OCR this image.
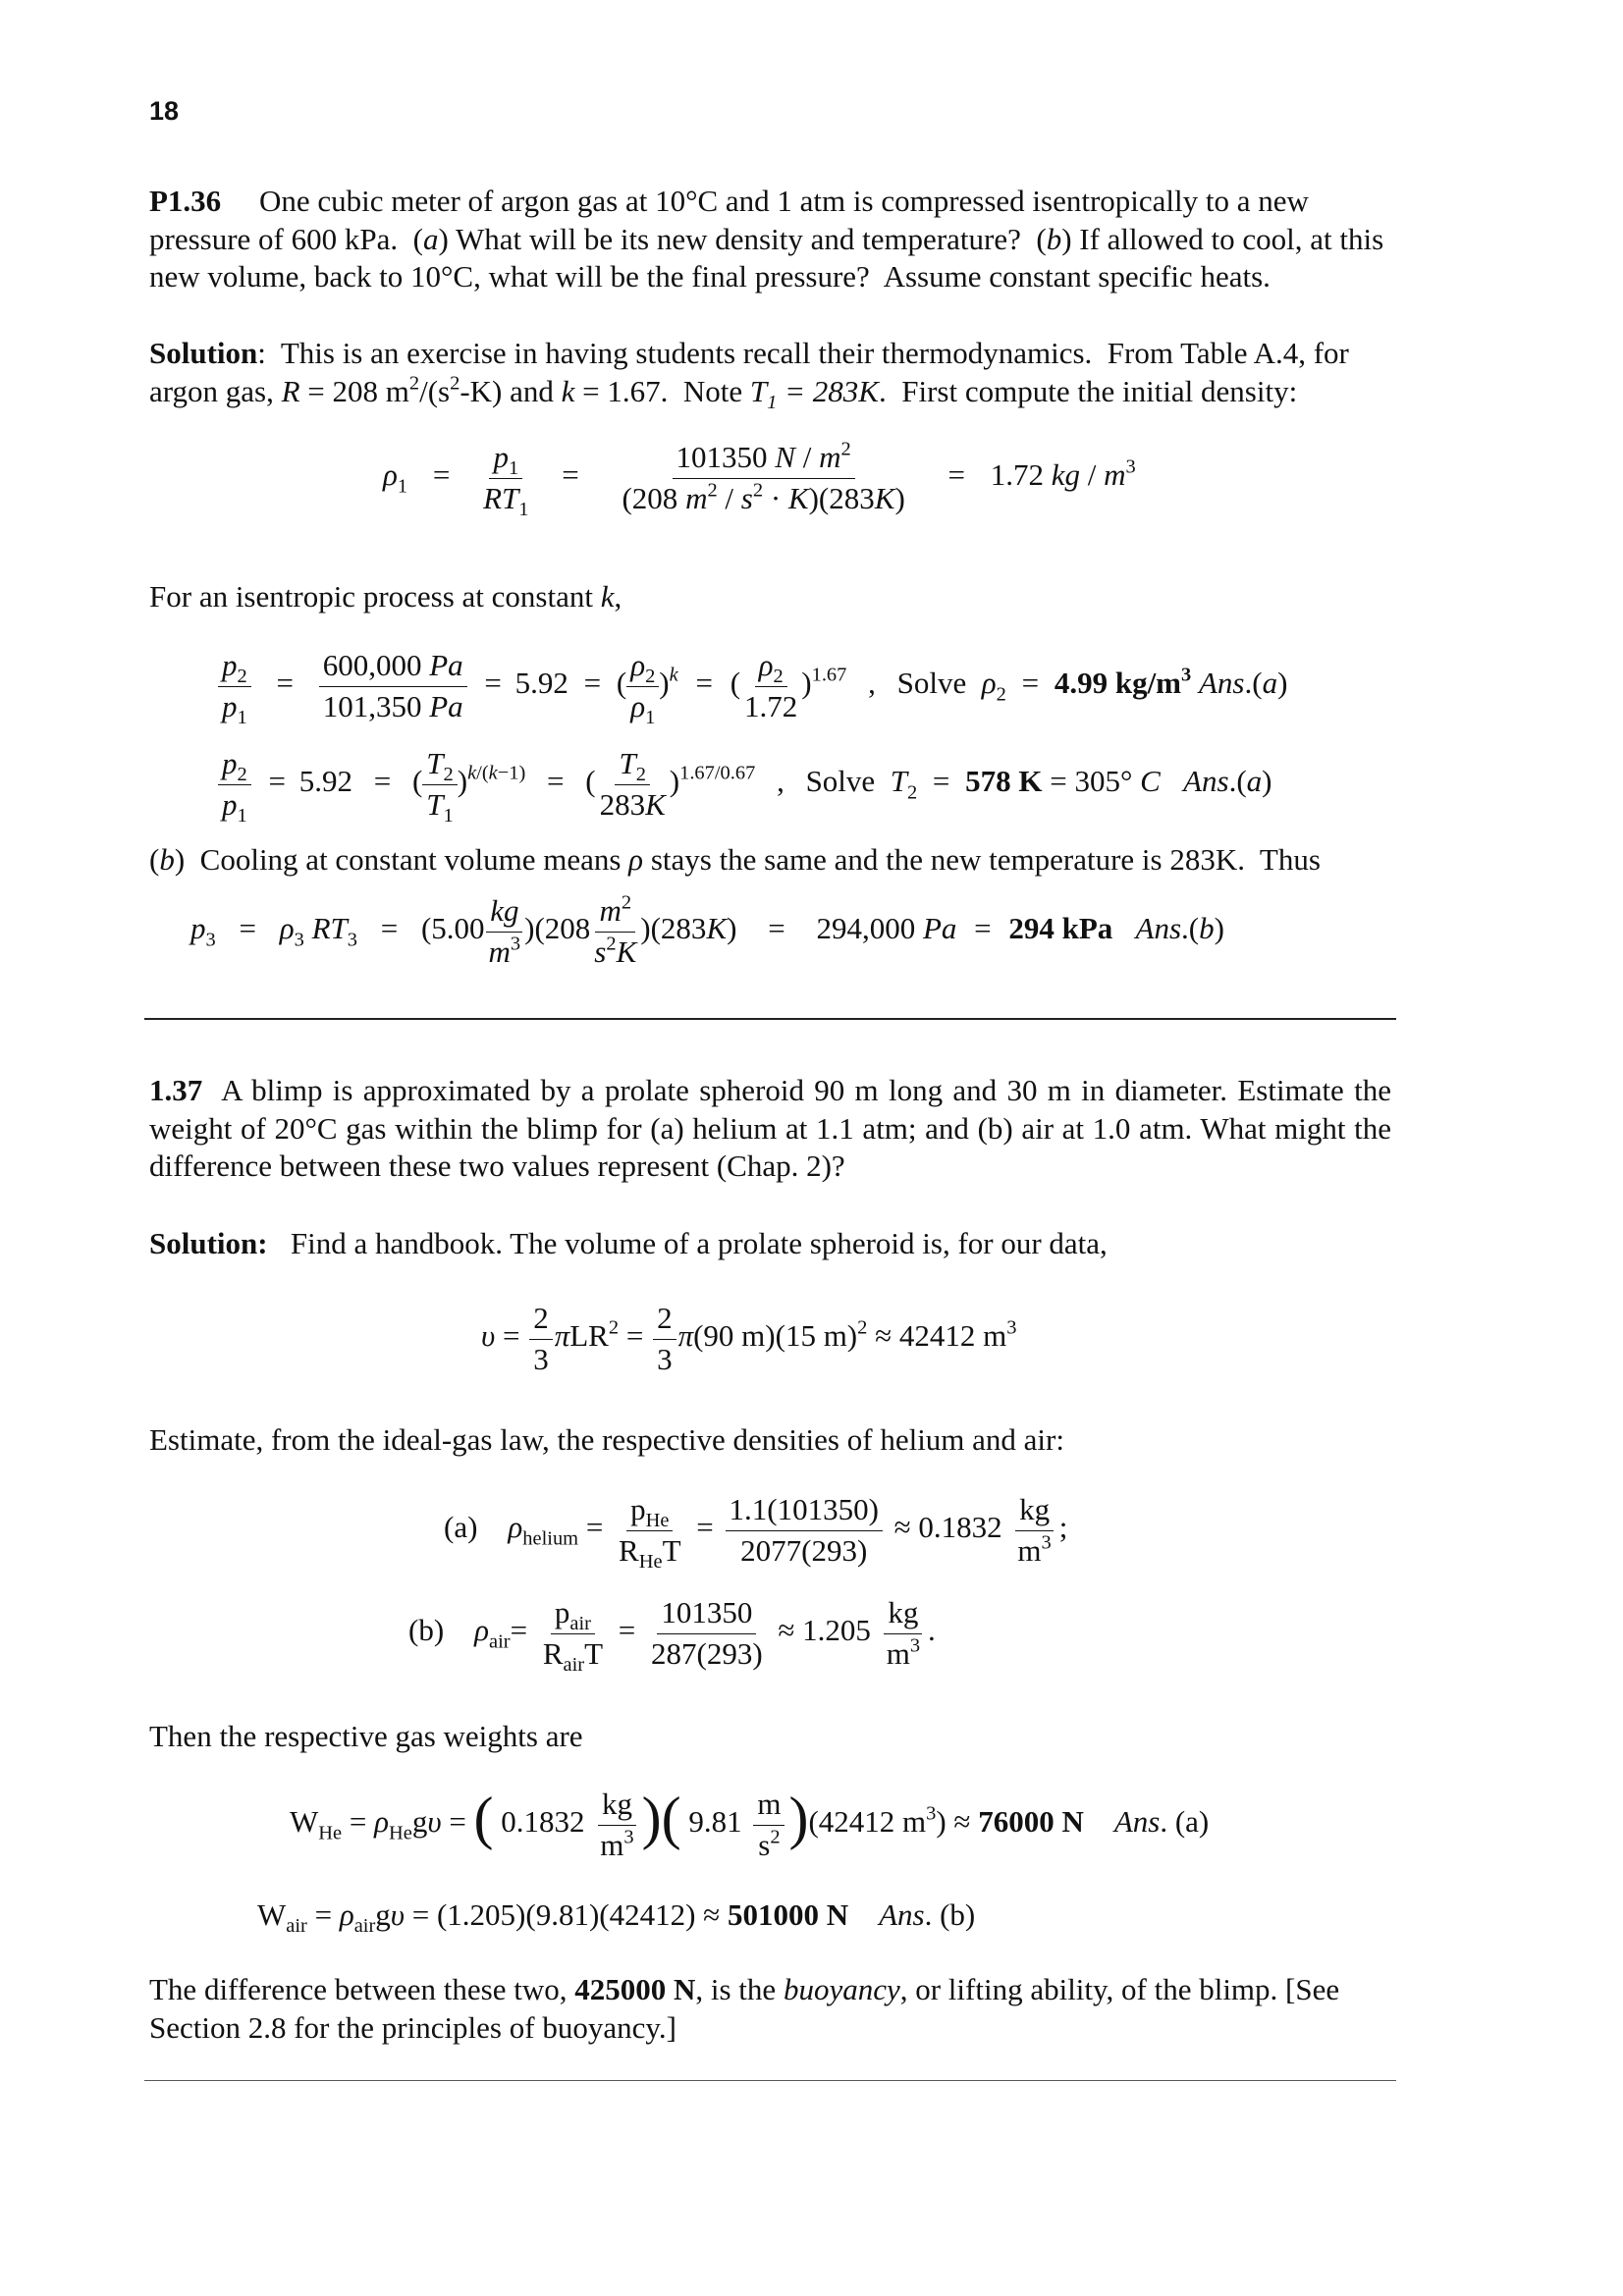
18

P1.36     One cubic meter of argon gas at 10°C and 1 atm is compressed isentropically to a new pressure of 600 kPa.  (a) What will be its new density and temperature?  (b) If allowed to cool, at this new volume, back to 10°C, what will be the final pressure?  Assume constant specific heats.

Solution:  This is an exercise in having students recall their thermodynamics.  From Table A.4, for argon gas, R = 208 $m^2/(s^2-K)$ and k = 1.67.  Note $T_1 = 283K$.  First compute the initial density:

$\rho_1 = \frac{p_1}{RT_1} = \frac{101350 N / m^2}{(208 m^2 / s^2 \cdot K)(283K)} = 1.72$ kg / $m^3$

For an isentropic process at constant k,

$\frac{p_2}{p_1} = \frac{600,000 Pa}{101,350 Pa} = 5.92$ = ( $\frac{\rho_2}{\rho_1} )^k$ = ( $\frac{\rho_2}{1.72} )^{1.67}$ , Solve  $\rho_2 = 4.99$ $kg/m^3$ Ans.(a)
$\frac{p_2}{p_1} = 5.92$ = ( $\frac{T_2}{T_1} )^{k/(k-1)}$ = ( $\frac{T_2}{283K} )^{1.67/0.67}$ , Solve  $T_2 = 578$ K = 305° C Ans.(a)

(b)  Cooling at constant volume means ρ stays the same and the new temperature is 283K.  Thus

$p_3 = \rho_3$ $RT_3 = (5.00 \frac{kg}{m^3} )(208 \frac{m^2}{s^2K} )(283K) = 294,000$ Pa = 294 kPa Ans.(b)

1.37  A blimp is approximated by a prolate spheroid 90 m long and 30 m in diameter. Estimate the weight of 20°C gas within the blimp for (a) helium at 1.1 atm; and (b) air at 1.0 atm. What might the difference between these two values represent (Chap. 2)?

Solution:   Find a handbook. The volume of a prolate spheroid is, for our data,

$\upsilon = \frac{2}{3} \pi LR^2 = \frac{2}{3} \pi(90$ m)(15 m)$^2$ ≈ 42412 $m^3$

Estimate, from the ideal-gas law, the respective densities of helium and air:

(a)    $\rho_{helium} = \frac{p_{He}}{R_{He}T} = \frac{1.1(101350)}{2077(293)} \approx 0.1832 \frac{kg}{m^3}$ ;
(b)    $\rho_{air}= \frac{p_{air}}{R_{air}T} = \frac{101350}{287(293)} \approx 1.205 \frac{kg}{m^3}$ .

Then the respective gas weights are

$W_{He} = \rho_{He}g\upsilon$ = ( $0.1832 \frac{kg}{m^3}$ )( $9.81 \frac{m}{s^2} )(42412$ $m^3) \approx 76000$ N Ans. (a)
$W_{air} = \rho_{air}g\upsilon = (1.205)(9.81)(42412) \approx 501000$ N Ans. (b)

The difference between these two, 425000 N, is the buoyancy, or lifting ability, of the blimp. [See Section 2.8 for the principles of buoyancy.]
